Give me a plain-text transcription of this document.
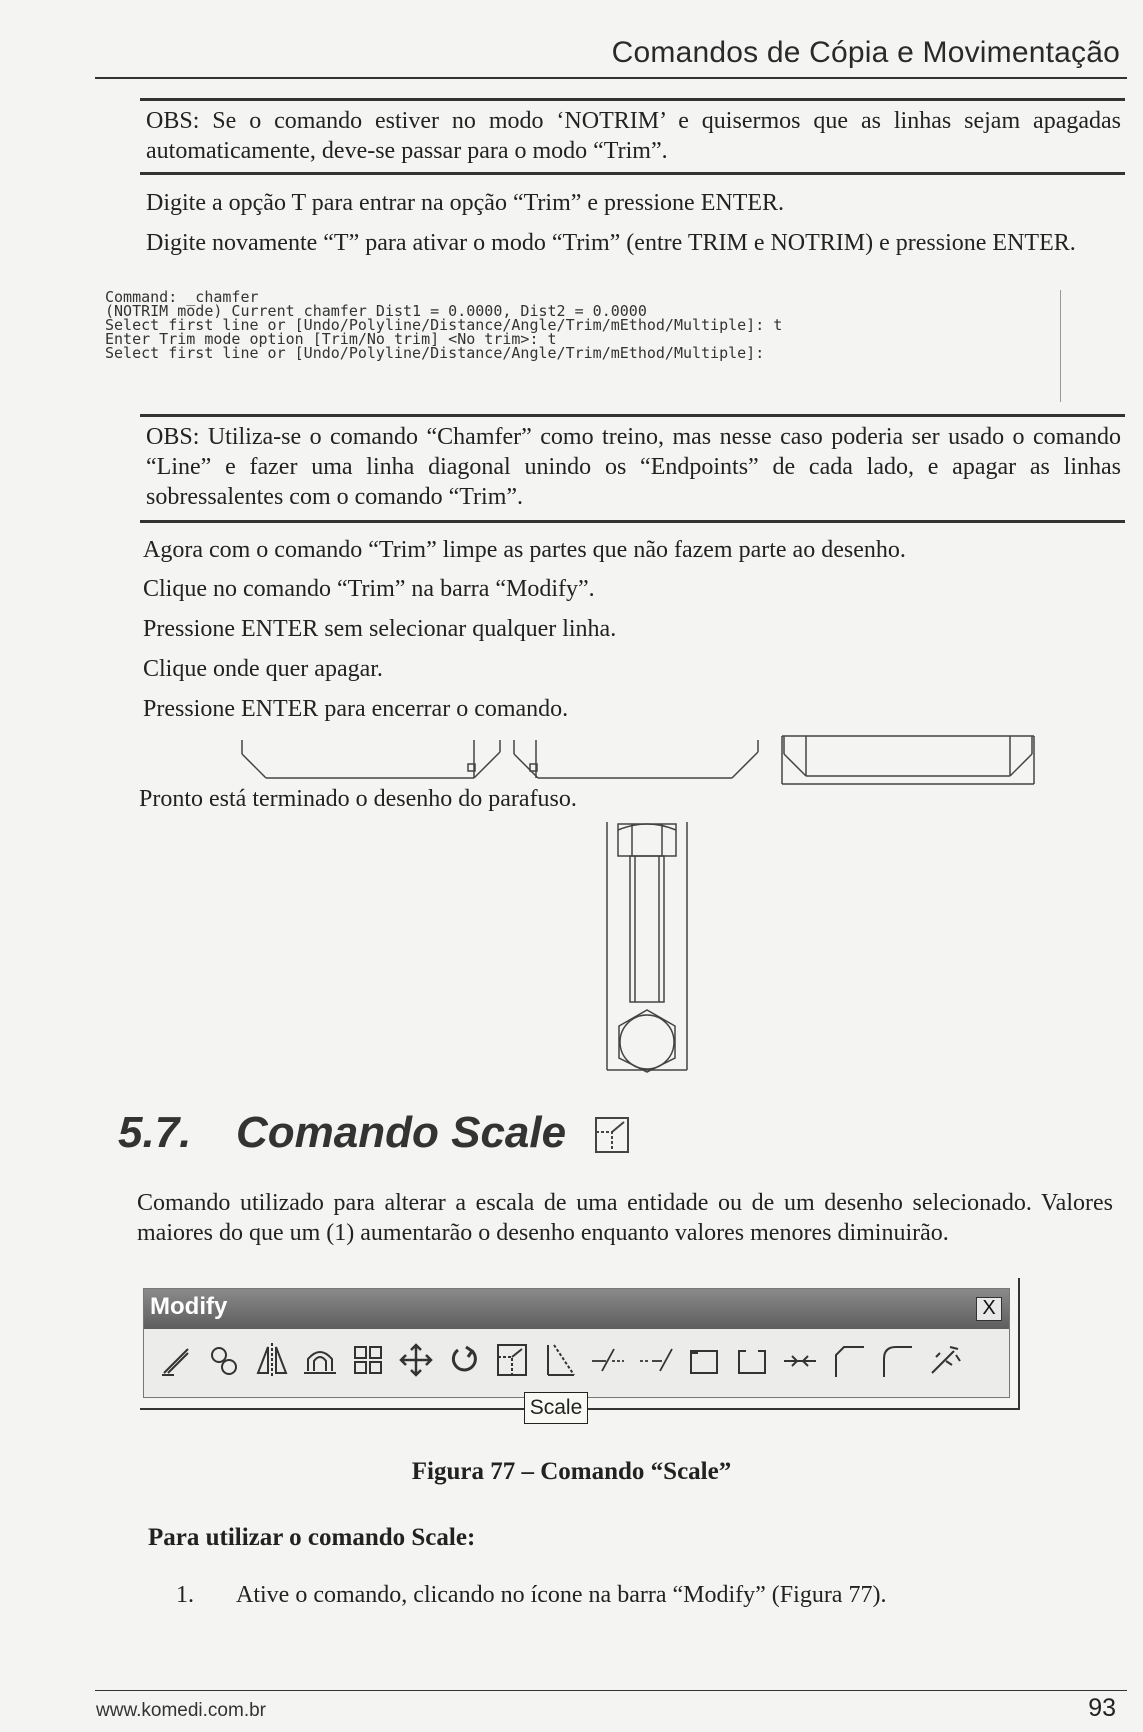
Comandos de Cópia e Movimentação
OBS: Se o comando estiver no modo ‘NOTRIM’ e quisermos que as linhas sejam apagadas automaticamente, deve-se passar para o modo “Trim”.
Digite a opção T para entrar na opção “Trim” e pressione ENTER.
Digite novamente “T” para ativar o modo “Trim” (entre TRIM e NOTRIM) e pressione ENTER.
Command: _chamfer
(NOTRIM mode) Current chamfer Dist1 = 0.0000, Dist2 = 0.0000
Select first line or [Undo/Polyline/Distance/Angle/Trim/mEthod/Multiple]: t
Enter Trim mode option [Trim/No trim] <No trim>: t
Select first line or [Undo/Polyline/Distance/Angle/Trim/mEthod/Multiple]:
OBS: Utiliza-se o comando “Chamfer” como treino, mas nesse caso poderia ser usado o comando “Line” e fazer uma linha diagonal unindo os “Endpoints” de cada lado, e apagar as linhas sobressalentes com o comando “Trim”.
Agora com o comando “Trim” limpe as partes que não fazem parte ao desenho.
Clique no comando “Trim” na barra “Modify”.
Pressione ENTER sem selecionar qualquer linha.
Clique onde quer apagar.
Pressione ENTER para encerrar o comando.
Pronto está terminado o desenho do parafuso.
5.7. Comando Scale
Comando utilizado para alterar a escala de uma entidade ou de um desenho selecionado. Valores maiores do que um (1) aumentarão o desenho enquanto valores menores diminuirão.
Modify	X
Scale
Figura 77 – Comando “Scale”
Para utilizar o comando Scale:
1. Ative o comando, clicando no ícone na barra “Modify” (Figura 77).
www.komedi.com.br	93
